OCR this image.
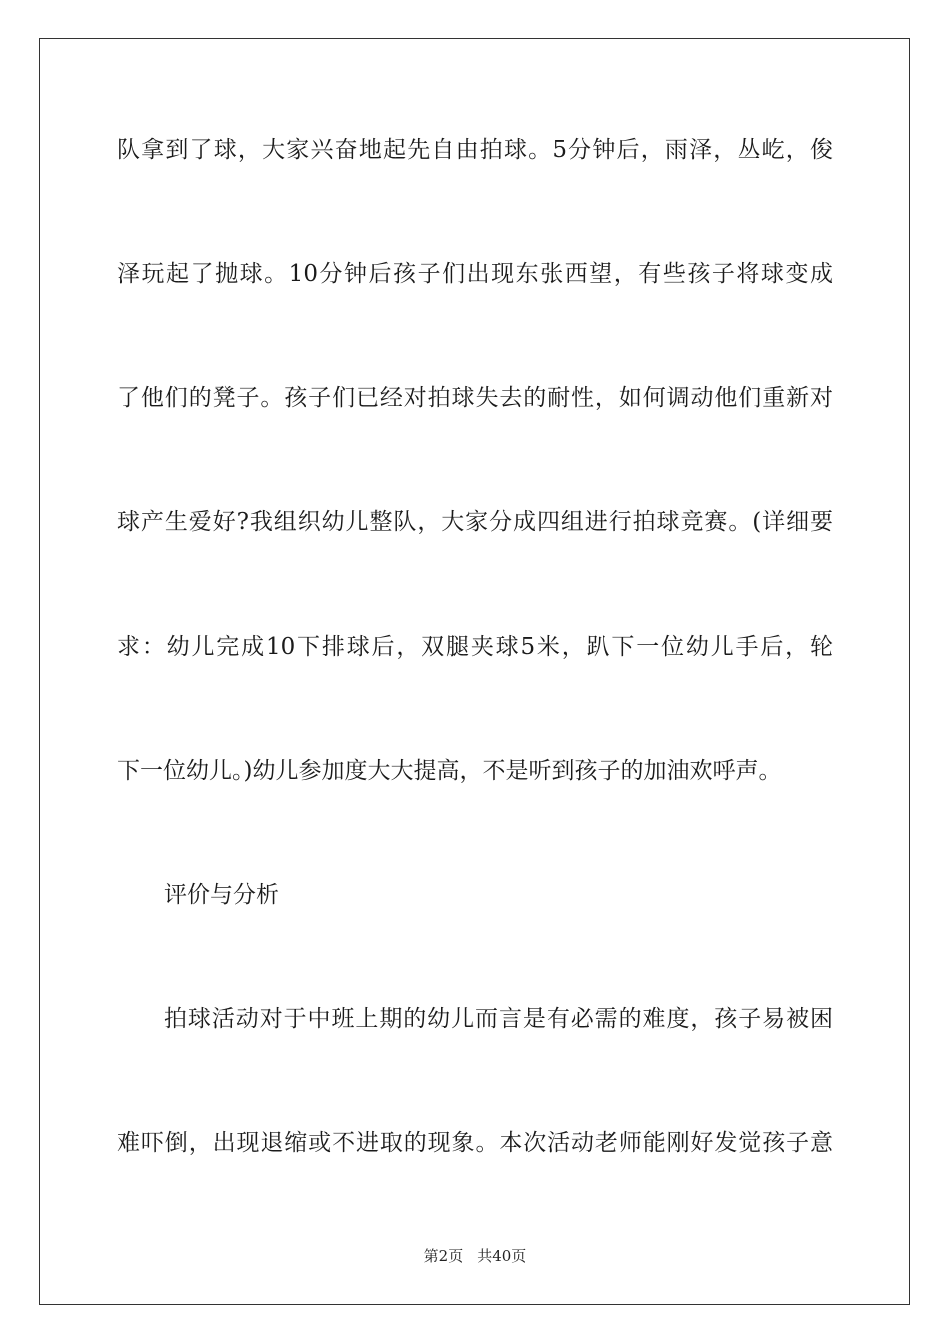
队拿到了球，大家兴奋地起先自由拍球。5分钟后，雨泽，丛屹，俊
泽玩起了抛球。10分钟后孩子们出现东张西望，有些孩子将球变成
了他们的凳子。孩子们已经对拍球失去的耐性，如何调动他们重新对
球产生爱好?我组织幼儿整队，大家分成四组进行拍球竞赛。(详细要
求：幼儿完成10下排球后，双腿夹球5米，趴下一位幼儿手后，轮
下一位幼儿。)幼儿参加度大大提高，不是听到孩子的加油欢呼声。
评价与分析
拍球活动对于中班上期的幼儿而言是有必需的难度，孩子易被困
难吓倒，出现退缩或不进取的现象。本次活动老师能刚好发觉孩子意
第2页 共40页
